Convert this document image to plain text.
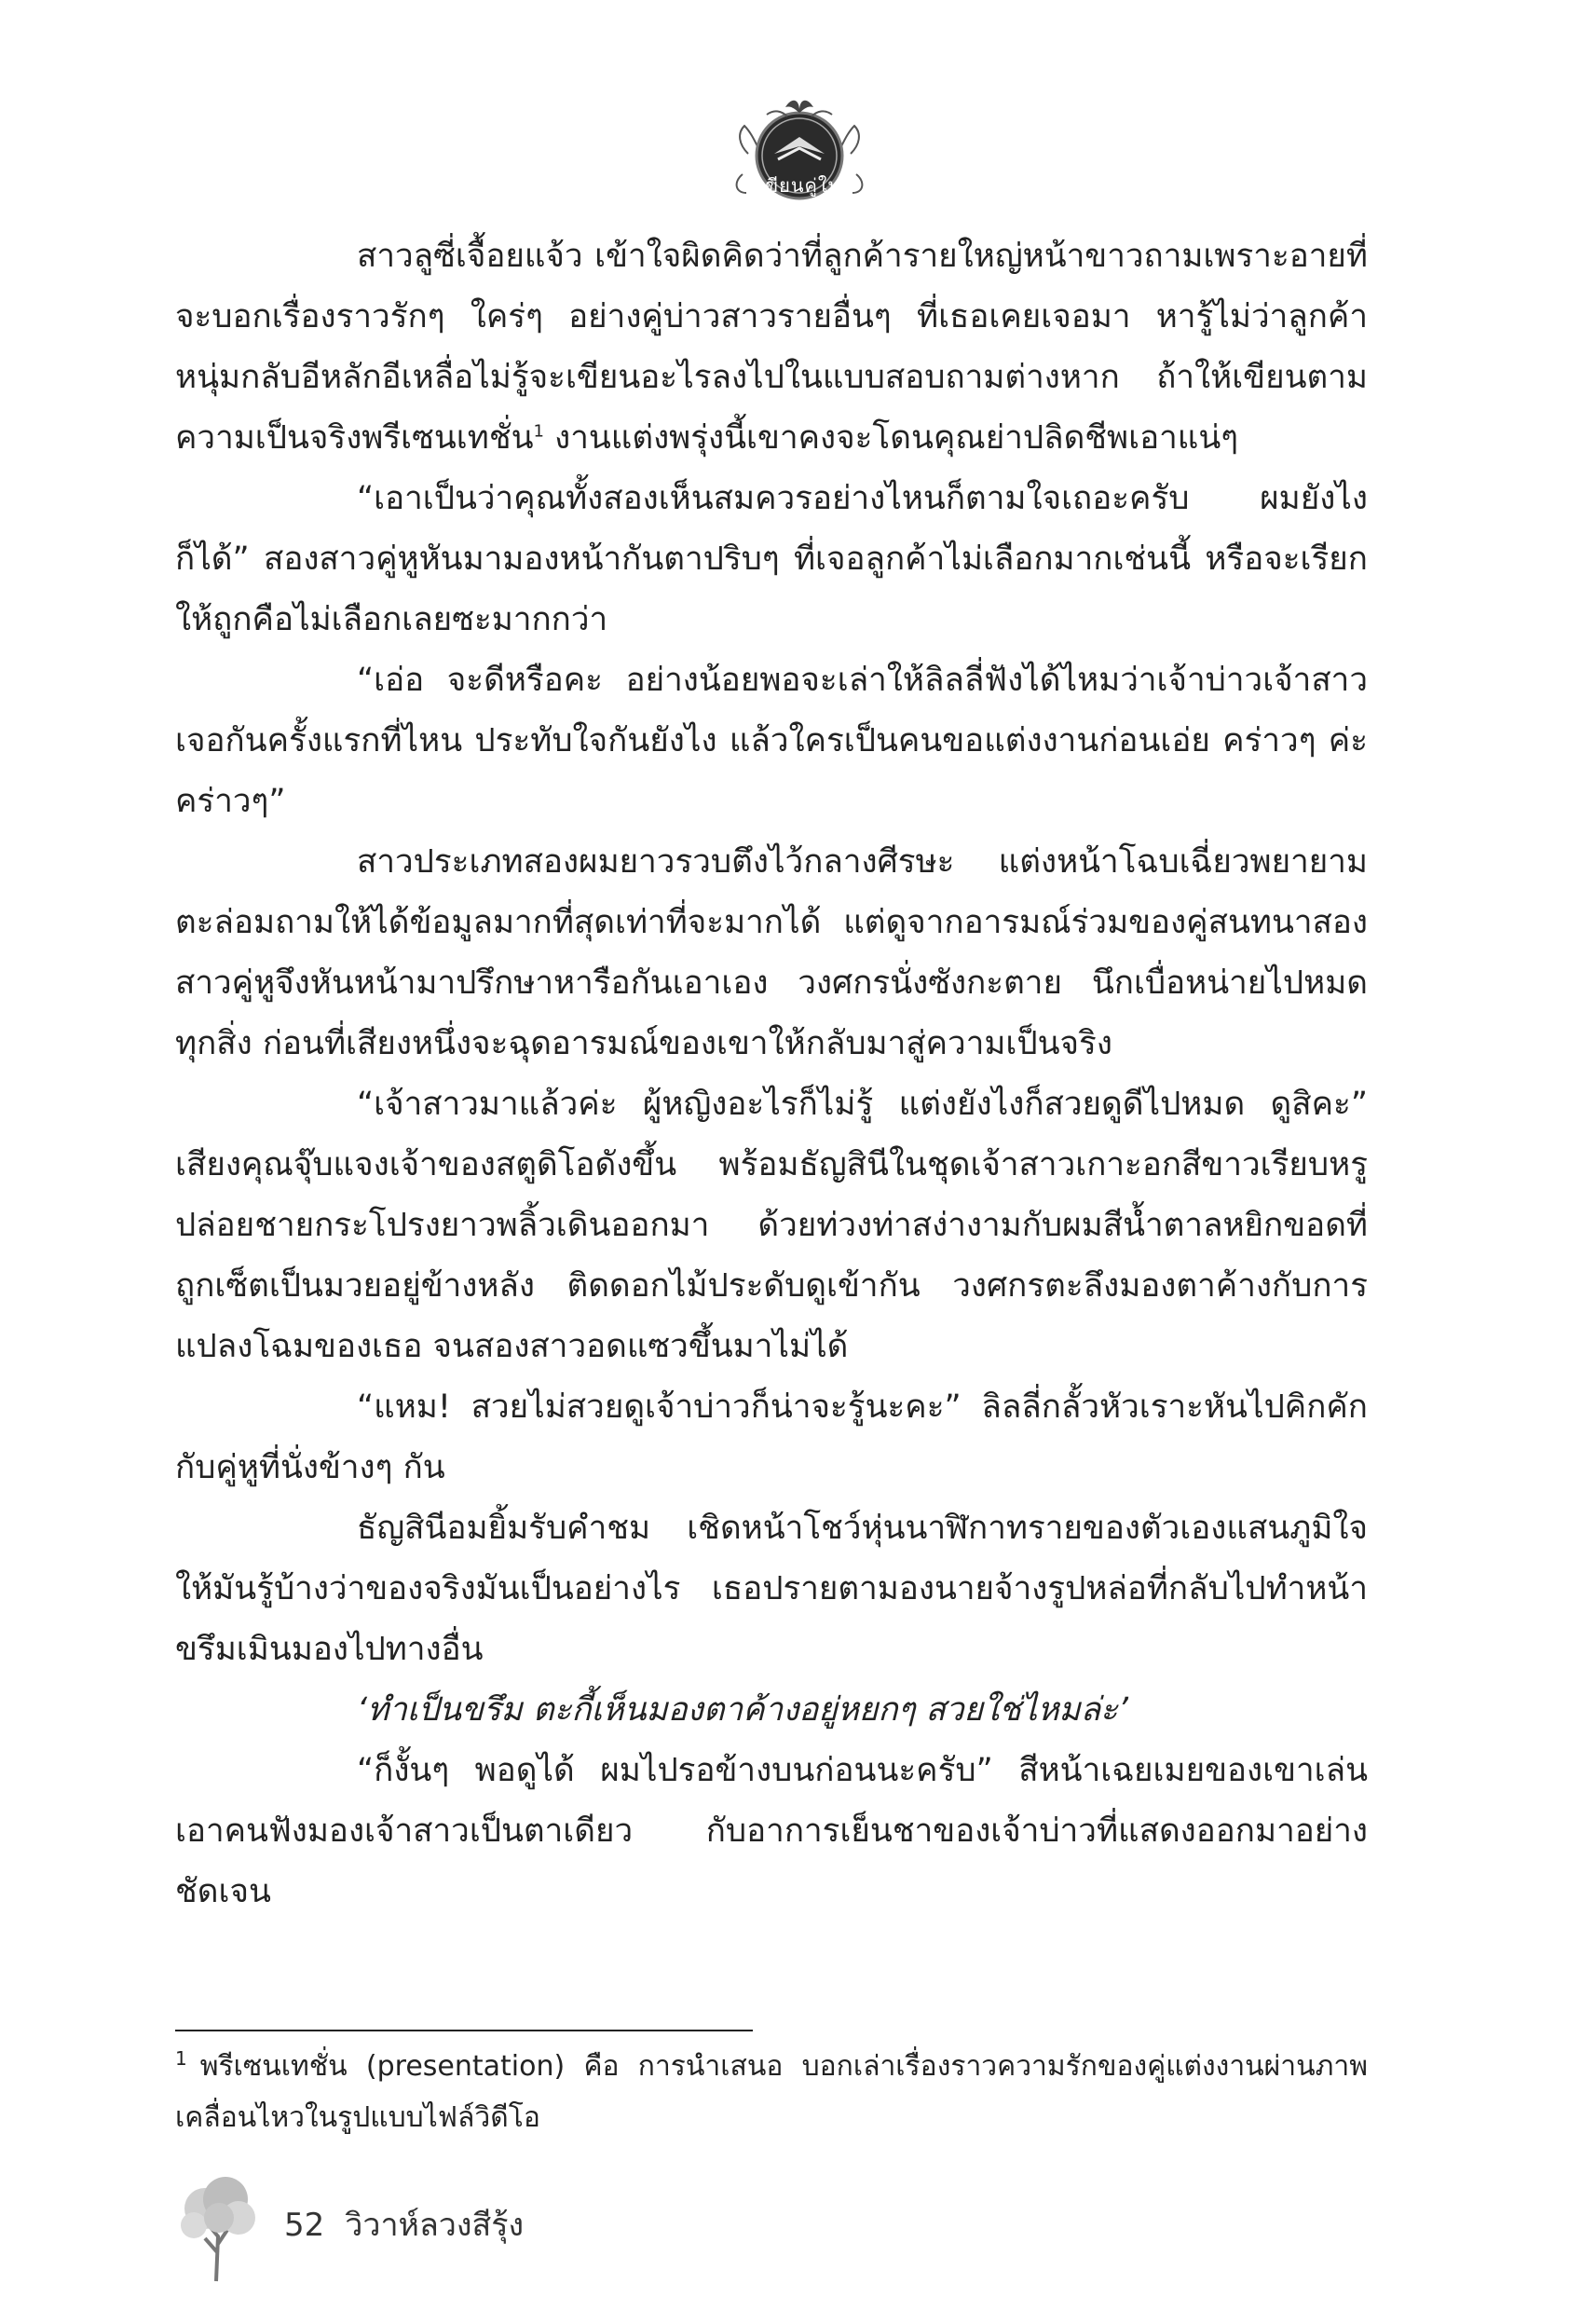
เขียนคู่ใบ

สาวลูซี่เจื้อยแจ้ว เข้าใจผิดคิดว่าที่ลูกค้ารายใหญ่หน้าขาวถามเพราะอายที่จะบอกเรื่องราวรักๆ ใคร่ๆ อย่างคู่บ่าวสาวรายอื่นๆ ที่เธอเคยเจอมา หารู้ไม่ว่าลูกค้าหนุ่มกลับอีหลักอีเหลื่อไม่รู้จะเขียนอะไรลงไปในแบบสอบถามต่างหาก ถ้าให้เขียนตามความเป็นจริงพรีเซนเทชั่น$^1$ งานแต่งพรุ่งนี้เขาคงจะโดนคุณย่าปลิดชีพเอาแน่ๆ

“เอาเป็นว่าคุณทั้งสองเห็นสมควรอย่างไหนก็ตามใจเถอะครับ ผมยังไงก็ได้” สองสาวคู่หูหันมามองหน้ากันตาปริบๆ ที่เจอลูกค้าไม่เลือกมากเช่นนี้ หรือจะเรียกให้ถูกคือไม่เลือกเลยซะมากกว่า

“เอ่อ จะดีหรือคะ อย่างน้อยพอจะเล่าให้ลิลลี่ฟังได้ไหมว่าเจ้าบ่าวเจ้าสาวเจอกันครั้งแรกที่ไหน ประทับใจกันยังไง แล้วใครเป็นคนขอแต่งงานก่อนเอ่ย คร่าวๆ ค่ะ คร่าวๆ”

สาวประเภทสองผมยาวรวบตึงไว้กลางศีรษะ แต่งหน้าโฉบเฉี่ยวพยายามตะล่อมถามให้ได้ข้อมูลมากที่สุดเท่าที่จะมากได้ แต่ดูจากอารมณ์ร่วมของคู่สนทนาสองสาวคู่หูจึงหันหน้ามาปรึกษาหารือกันเอาเอง วงศกรนั่งซังกะตาย นึกเบื่อหน่ายไปหมดทุกสิ่ง ก่อนที่เสียงหนึ่งจะฉุดอารมณ์ของเขาให้กลับมาสู่ความเป็นจริง

“เจ้าสาวมาแล้วค่ะ ผู้หญิงอะไรก็ไม่รู้ แต่งยังไงก็สวยดูดีไปหมด ดูสิคะ” เสียงคุณจุ๊บแจงเจ้าของสตูดิโอดังขึ้น พร้อมธัญสินีในชุดเจ้าสาวเกาะอกสีขาวเรียบหรูปล่อยชายกระโปรงยาวพลิ้วเดินออกมา ด้วยท่วงท่าสง่างามกับผมสีน้ำตาลหยิกขอดที่ถูกเซ็ตเป็นมวยอยู่ข้างหลัง ติดดอกไม้ประดับดูเข้ากัน วงศกรตะลึงมองตาค้างกับการแปลงโฉมของเธอ จนสองสาวอดแซวขึ้นมาไม่ได้

“แหม! สวยไม่สวยดูเจ้าบ่าวก็น่าจะรู้นะคะ” ลิลลี่กลั้วหัวเราะหันไปคิกคักกับคู่หูที่นั่งข้างๆ กัน

ธัญสินีอมยิ้มรับคำชม เชิดหน้าโชว์หุ่นนาฬิกาทรายของตัวเองแสนภูมิใจให้มันรู้บ้างว่าของจริงมันเป็นอย่างไร เธอปรายตามองนายจ้างรูปหล่อที่กลับไปทำหน้าขรึมเมินมองไปทางอื่น

‘ทำเป็นขรึม ตะกี้เห็นมองตาค้างอยู่หยกๆ สวยใช่ไหมล่ะ’

“ก็งั้นๆ พอดูได้ ผมไปรอข้างบนก่อนนะครับ” สีหน้าเฉยเมยของเขาเล่นเอาคนฟังมองเจ้าสาวเป็นตาเดียว กับอาการเย็นชาของเจ้าบ่าวที่แสดงออกมาอย่างชัดเจน

$^1$ พรีเซนเทชั่น (presentation) คือ การนำเสนอ บอกเล่าเรื่องราวความรักของคู่แต่งงานผ่านภาพเคลื่อนไหวในรูปแบบไฟล์วิดีโอ
52 วิวาห์ลวงสีรุ้ง
